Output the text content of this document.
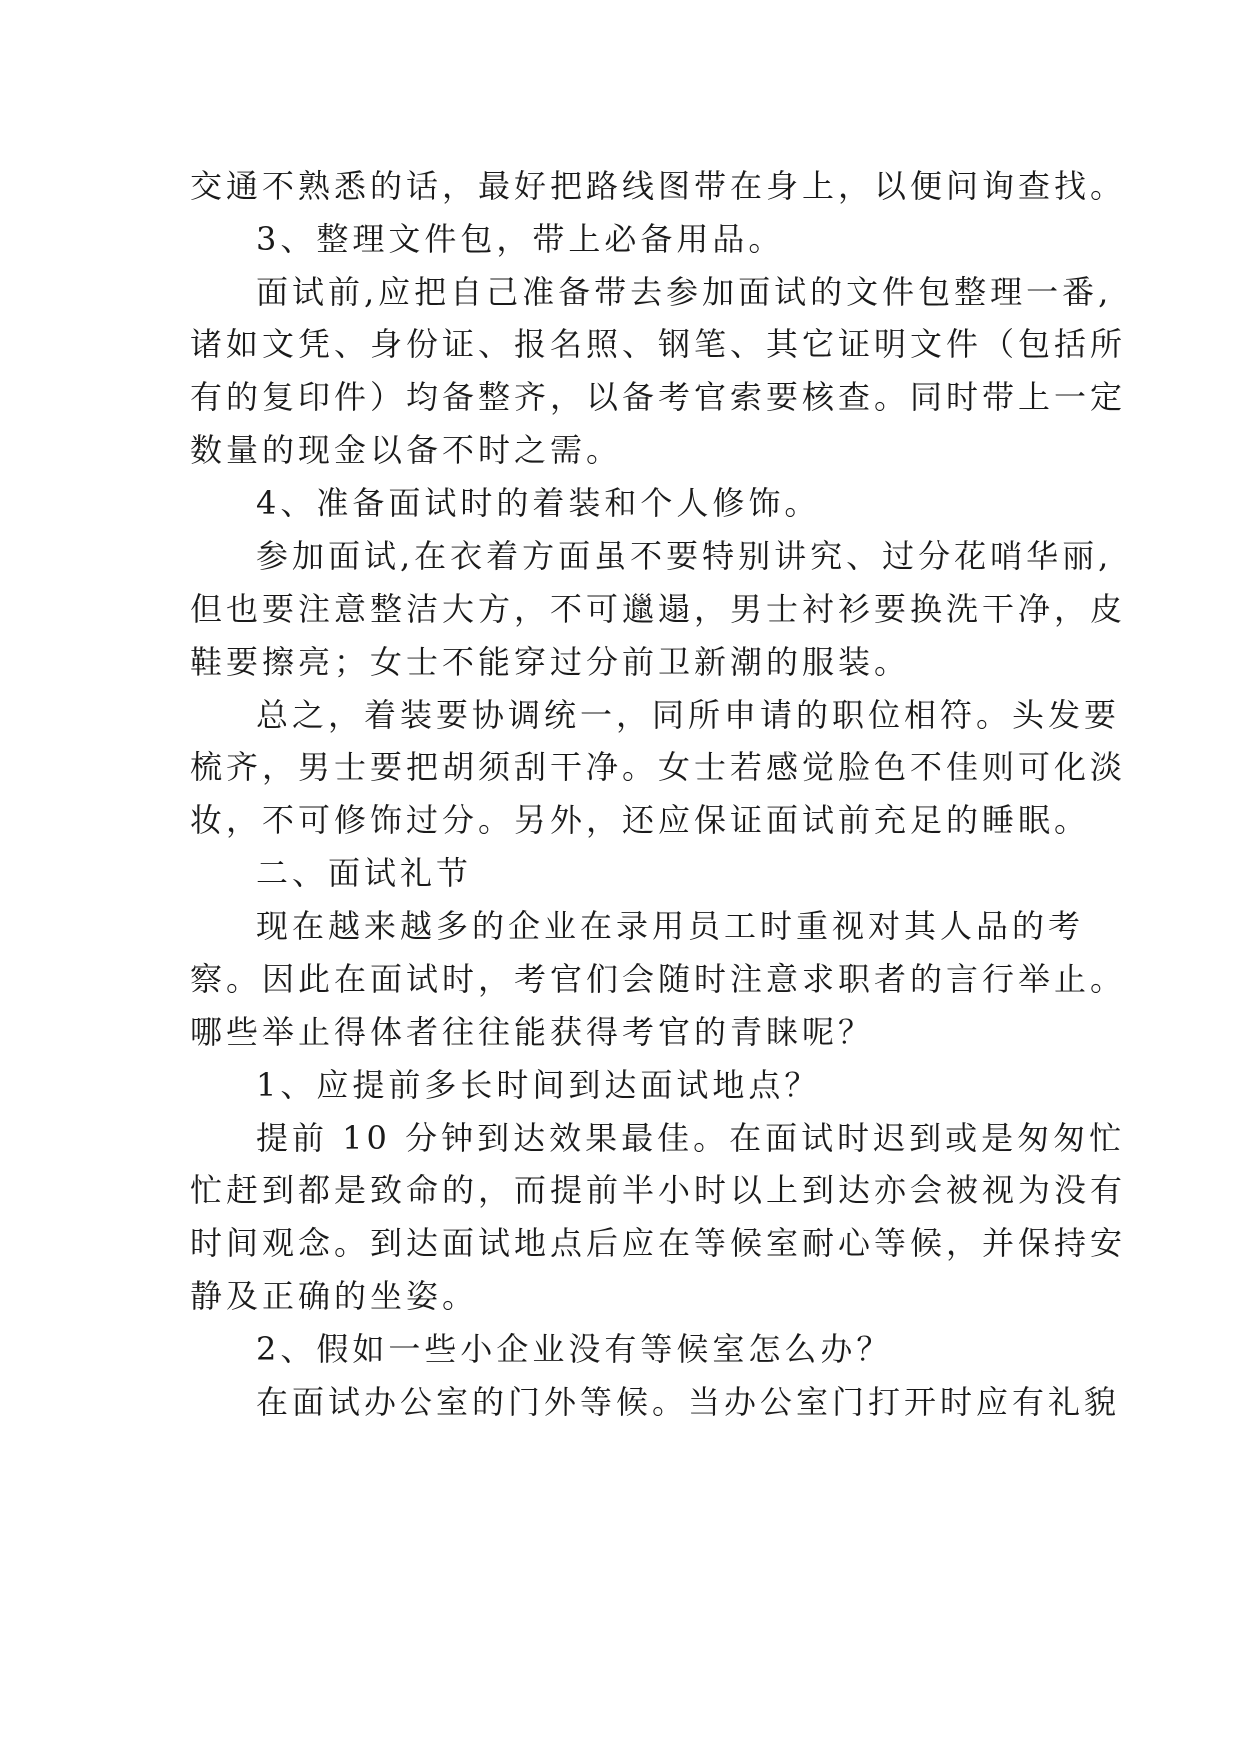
交通不熟悉的话，最好把路线图带在身上，以便问询查找。
3、整理文件包，带上必备用品。
面试前,应把自己准备带去参加面试的文件包整理一番,
诸如文凭、身份证、报名照、钢笔、其它证明文件（包括所
有的复印件）均备整齐，以备考官索要核查。同时带上一定
数量的现金以备不时之需。
4、准备面试时的着装和个人修饰。
参加面试,在衣着方面虽不要特别讲究、过分花哨华丽,
但也要注意整洁大方，不可邋遢，男士衬衫要换洗干净，皮
鞋要擦亮；女士不能穿过分前卫新潮的服装。
总之，着装要协调统一，同所申请的职位相符。头发要
梳齐，男士要把胡须刮干净。女士若感觉脸色不佳则可化淡
妆，不可修饰过分。另外，还应保证面试前充足的睡眠。
二、面试礼节
现在越来越多的企业在录用员工时重视对其人品的考
察。因此在面试时，考官们会随时注意求职者的言行举止。
哪些举止得体者往往能获得考官的青睐呢？
1、应提前多长时间到达面试地点？
提前 10 分钟到达效果最佳。在面试时迟到或是匆匆忙
忙赶到都是致命的，而提前半小时以上到达亦会被视为没有
时间观念。到达面试地点后应在等候室耐心等候，并保持安
静及正确的坐姿。
2、假如一些小企业没有等候室怎么办？
在面试办公室的门外等候。当办公室门打开时应有礼貌
